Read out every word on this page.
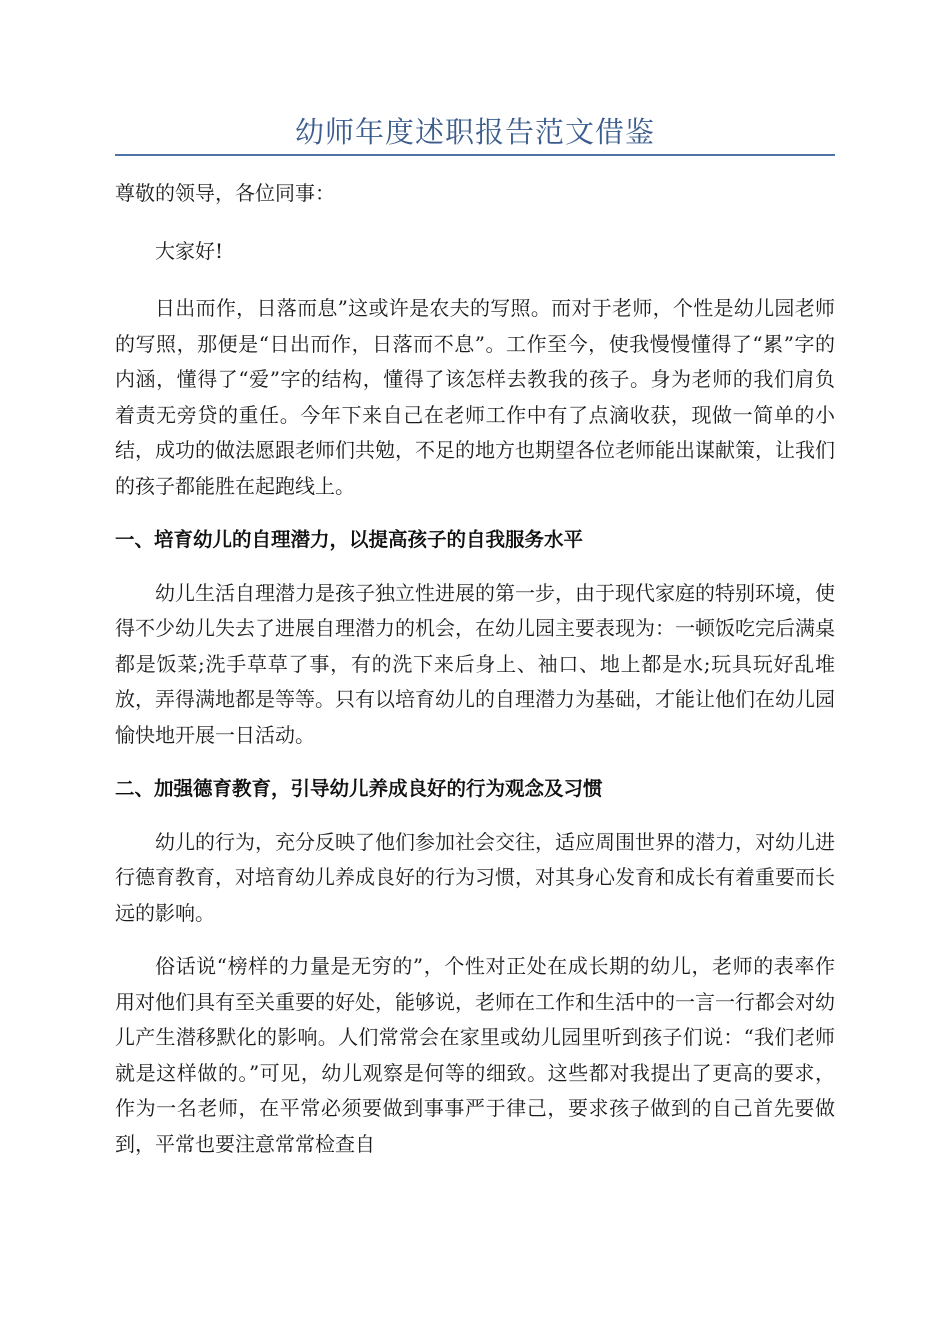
幼师年度述职报告范文借鉴

尊敬的领导，各位同事：

大家好!

日出而作，日落而息”这或许是农夫的写照。而对于老师，个性是幼儿园老师的写照，那便是“日出而作，日落而不息”。工作至今，使我慢慢懂得了“累”字的内涵，懂得了“爱”字的结构，懂得了该怎样去教我的孩子。身为老师的我们肩负着责无旁贷的重任。今年下来自己在老师工作中有了点滴收获，现做一简单的小结，成功的做法愿跟老师们共勉，不足的地方也期望各位老师能出谋献策，让我们的孩子都能胜在起跑线上。

一、培育幼儿的自理潜力，以提高孩子的自我服务水平

幼儿生活自理潜力是孩子独立性进展的第一步，由于现代家庭的特别环境，使得不少幼儿失去了进展自理潜力的机会，在幼儿园主要表现为：一顿饭吃完后满桌都是饭菜;洗手草草了事，有的洗下来后身上、袖口、地上都是水;玩具玩好乱堆放，弄得满地都是等等。只有以培育幼儿的自理潜力为基础，才能让他们在幼儿园愉快地开展一日活动。

二、加强德育教育，引导幼儿养成良好的行为观念及习惯

幼儿的行为，充分反映了他们参加社会交往，适应周围世界的潜力，对幼儿进行德育教育，对培育幼儿养成良好的行为习惯，对其身心发育和成长有着重要而长远的影响。

俗话说“榜样的力量是无穷的”，个性对正处在成长期的幼儿，老师的表率作用对他们具有至关重要的好处，能够说，老师在工作和生活中的一言一行都会对幼儿产生潜移默化的影响。人们常常会在家里或幼儿园里听到孩子们说：“我们老师就是这样做的。”可见，幼儿观察是何等的细致。这些都对我提出了更高的要求，作为一名老师，在平常必须要做到事事严于律己，要求孩子做到的自己首先要做到，平常也要注意常常检查自
